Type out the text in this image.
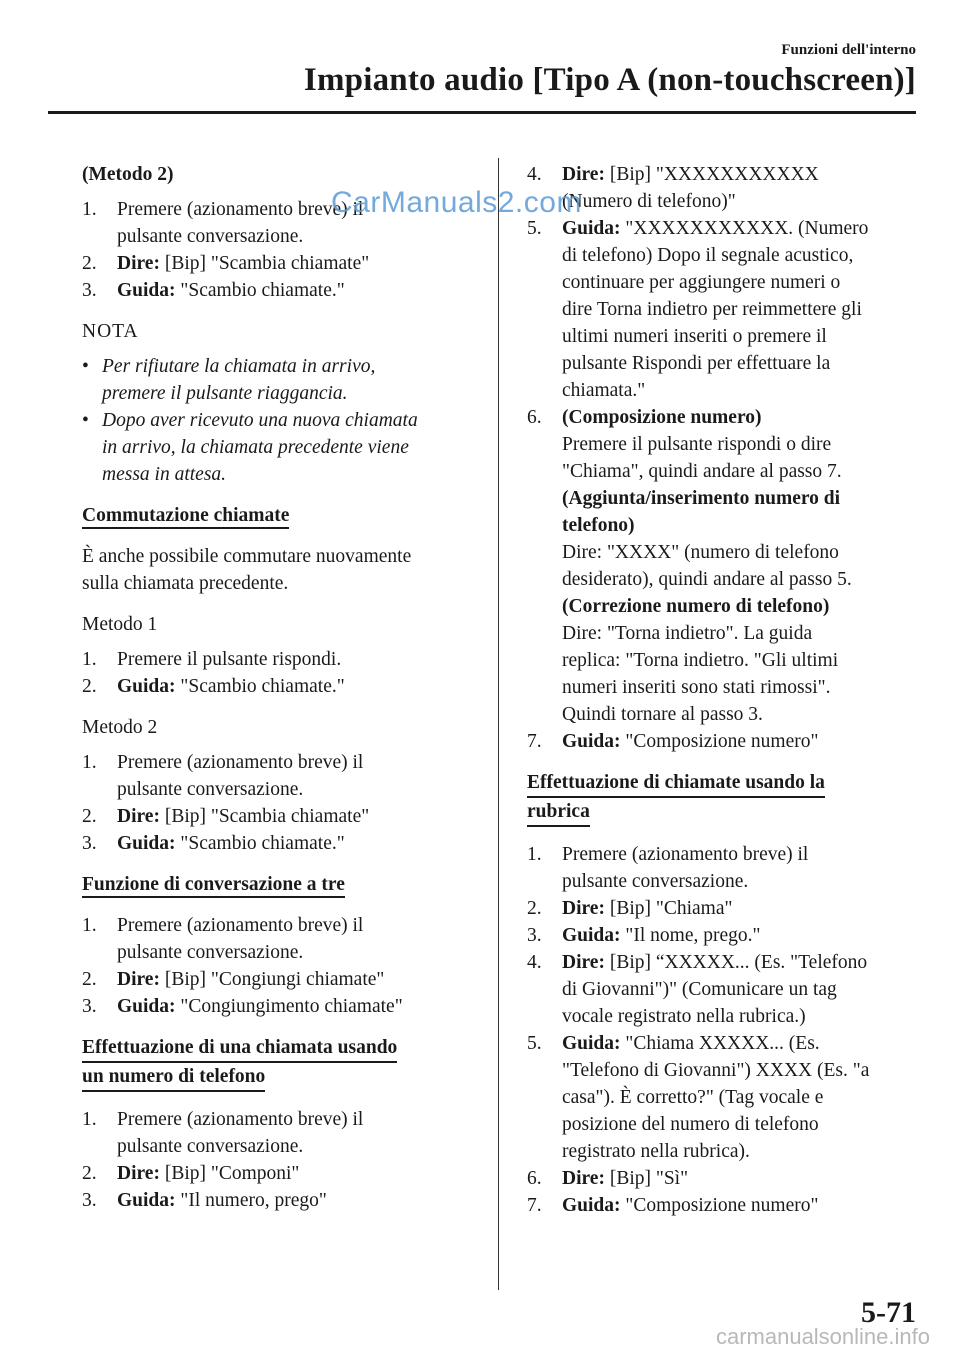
Funzioni dell'interno
Impianto audio [Tipo A (non-touchscreen)]

(Metodo 2)

1.	Premere (azionamento breve) il
pulsante conversazione.
2.	Dire: [Bip] "Scambia chiamate"
3.	Guida: "Scambio chiamate."

NOTA

• Per rifiutare la chiamata in arrivo,
premere il pulsante riaggancia.
• Dopo aver ricevuto una nuova chiamata
in arrivo, la chiamata precedente viene
messa in attesa.

Commutazione chiamate

È anche possibile commutare nuovamente
sulla chiamata precedente.

Metodo 1

1.	Premere il pulsante rispondi.
2.	Guida: "Scambio chiamate."

Metodo 2

1.	Premere (azionamento breve) il
pulsante conversazione.
2.	Dire: [Bip] "Scambia chiamate"
3.	Guida: "Scambio chiamate."

Funzione di conversazione a tre

1.	Premere (azionamento breve) il
pulsante conversazione.
2.	Dire: [Bip] "Congiungi chiamate"
3.	Guida: "Congiungimento chiamate"

Effettuazione di una chiamata usando
un numero di telefono

1.	Premere (azionamento breve) il
pulsante conversazione.
2.	Dire: [Bip] "Componi"
3.	Guida: "Il numero, prego"
4.	Dire: [Bip] "XXXXXXXXXXX
(Numero di telefono)"
5.	Guida: "XXXXXXXXXXX. (Numero
di telefono) Dopo il segnale acustico,
continuare per aggiungere numeri o
dire Torna indietro per reimmettere gli
ultimi numeri inseriti o premere il
pulsante Rispondi per effettuare la
chiamata."
6.	(Composizione numero)
Premere il pulsante rispondi o dire
"Chiama", quindi andare al passo 7.
(Aggiunta/inserimento numero di
telefono)
Dire: "XXXX" (numero di telefono
desiderato), quindi andare al passo 5.
(Correzione numero di telefono)
Dire: "Torna indietro". La guida
replica: "Torna indietro. "Gli ultimi
numeri inseriti sono stati rimossi".
Quindi tornare al passo 3.
7.	Guida: "Composizione numero"

Effettuazione di chiamate usando la
rubrica

1.	Premere (azionamento breve) il
pulsante conversazione.
2.	Dire: [Bip] "Chiama"
3.	Guida: "Il nome, prego."
4.	Dire: [Bip] “XXXXX... (Es. "Telefono
di Giovanni")" (Comunicare un tag
vocale registrato nella rubrica.)
5.	Guida: "Chiama XXXXX... (Es.
"Telefono di Giovanni") XXXX (Es. "a
casa"). È corretto?" (Tag vocale e
posizione del numero di telefono
registrato nella rubrica).
6.	Dire: [Bip] "Sì"
7.	Guida: "Composizione numero"
CarManuals2.com
5-71
carmanualsonline.info
